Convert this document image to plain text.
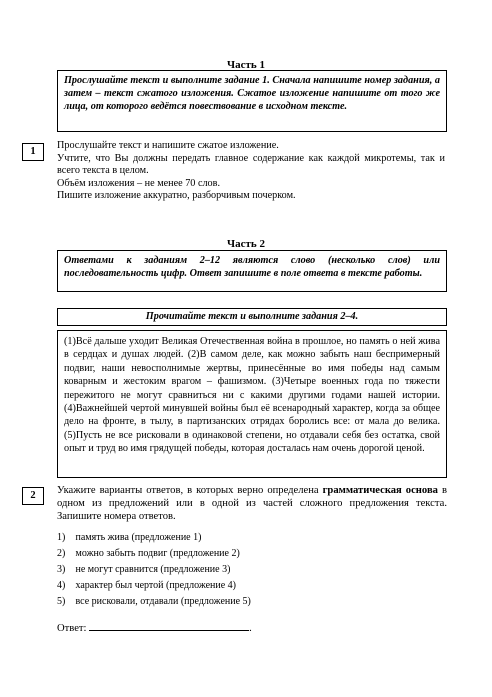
Часть 1
Прослушайте текст и выполните задание 1. Сначала напишите номер задания, а затем – текст сжатого изложения. Сжатое изложение напишите от того же лица, от которого ведётся повествование в исходном тексте.
1
Прослушайте текст и напишите сжатое изложение.
Учтите, что Вы должны передать главное содержание как каждой микротемы, так и всего текста в целом.
Объём изложения – не менее 70 слов.
Пишите изложение аккуратно, разборчивым почерком.
Часть 2
Ответами к заданиям 2–12 являются слово (несколько слов) или последовательность цифр. Ответ запишите в поле ответа в тексте работы.
Прочитайте текст и выполните задания 2–4.
(1)Всё дальше уходит Великая Отечественная война в прошлое, но память о ней жива в сердцах и душах людей. (2)В самом деле, как можно забыть наш беспримерный подвиг, наши невосполнимые жертвы, принесённые во имя победы над самым коварным и жестоким врагом – фашизмом. (3)Четыре военных года по тяжести пережитого не могут сравниться ни с какими другими годами нашей истории. (4)Важнейшей чертой минувшей войны был её всенародный характер, когда за общее дело на фронте, в тылу, в партизанских отрядах боролись все: от мала до велика. (5)Пусть не все рисковали в одинаковой степени, но отдавали себя без остатка, свой опыт и труд во имя грядущей победы, которая досталась нам очень дорогой ценой.
2	Укажите варианты ответов, в которых верно определена грамматическая основа в одном из предложений или в одной из частей сложного предложения текста. Запишите номера ответов.
1) память жива (предложение 1)
2) можно забыть подвиг (предложение 2)
3) не могут сравнится (предложение 3)
4) характер был чертой (предложение 4)
5) все рисковали, отдавали (предложение 5)
Ответ:	.
